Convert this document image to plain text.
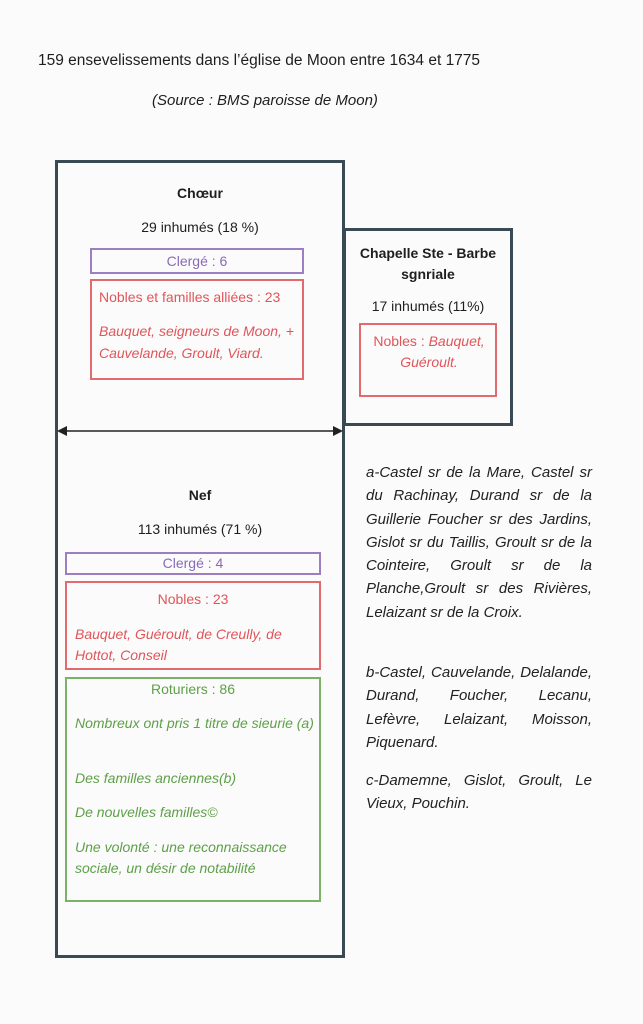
159 ensevelissements dans l’église de Moon entre 1634 et 1775
(Source : BMS paroisse de Moon)
Chœur
29 inhumés (18 %)
Clergé : 6
Nobles et familles alliées : 23
Bauquet, seigneurs de Moon, + Cauvelande, Groult, Viard.
Chapelle Ste - Barbe sgnriale
17 inhumés (11%)
Nobles : Bauquet, Guéroult.
Nef
113 inhumés (71 %)
Clergé : 4
Nobles : 23
Bauquet, Guéroult, de Creully, de Hottot, Conseil
Roturiers : 86
Nombreux ont pris 1 titre de sieurie (a)
Des familles anciennes(b)
De nouvelles familles©
Une volonté : une reconnaissance sociale, un désir de notabilité
a-Castel sr de la Mare, Castel sr du Rachinay, Durand sr de la Guillerie Foucher sr des Jardins, Gislot sr du Taillis, Groult sr de la Cointeire, Groult sr de la Planche,Groult sr des Rivières, Lelaizant sr de la Croix.
b-Castel, Cauvelande, Delalande, Durand, Foucher, Lecanu, Lefèvre, Lelaizant, Moisson, Piquenard.
c-Damemne, Gislot, Groult, Le Vieux, Pouchin.
